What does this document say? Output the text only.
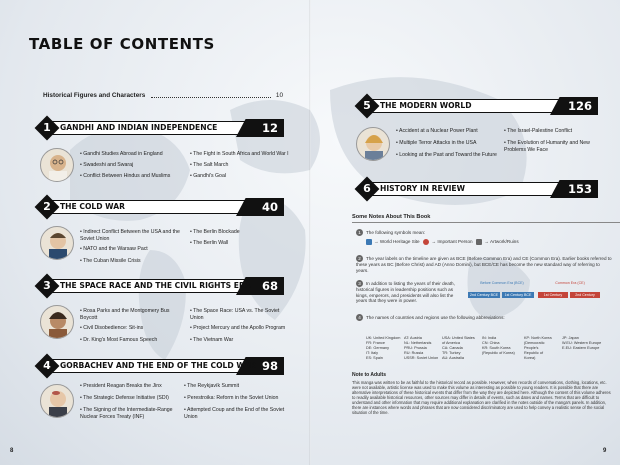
TABLE OF CONTENTS
Historical Figures and Characters	10
1	GANDHI AND INDIAN INDEPENDENCE	12
• Gandhi Studies Abroad in England
• Swadeshi and Swaraj
• Conflict Between Hindus and Muslims
• The Fight in South Africa and World War I
• The Salt March
• Gandhi's Goal
2	THE COLD WAR	40
• Indirect Conflict Between the USA and the Soviet Union
• NATO and the Warsaw Pact
• The Cuban Missile Crisis
• The Berlin Blockade
• The Berlin Wall
3	THE SPACE RACE AND THE CIVIL RIGHTS ERA 68
• Rosa Parks and the Montgomery Bus Boycott
• Civil Disobedience: Sit-ins
• Dr. King's Most Famous Speech
• The Space Race: USA vs. The Soviet Union
• Project Mercury and the Apollo Program
• The Vietnam War
4	GORBACHEV AND THE END OF THE COLD WAR 98
• President Reagan Breaks the Jinx
• The Strategic Defense Initiative (SDI)
• The Signing of the Intermediate-Range Nuclear Forces Treaty (INF)
• The Reykjavík Summit
• Perestroika: Reform in the Soviet Union
• Attempted Coup and the End of the Soviet Union
5	THE MODERN WORLD	126
• Accident at a Nuclear Power Plant
• Multiple Terror Attacks in the USA
• Looking at the Past and Toward the Future
• The Israel-Palestine Conflict
• The Evolution of Humanity and New Problems We Face
6	HISTORY IN REVIEW	153
Some Notes About This Book
1 The following symbols mean:
→ World Heritage Site	→ Important Person	→ Artwork/Ruins
2 The year labels on the timeline are given as BCE (Before Common Era) and CE (Common Era). Earlier books referred to these years as BC (Before Christ) and AD (Anno Domini), but BCE/CE has become the new standard way of referring to years.
3 In addition to listing the years of their death, historical figures in leadership positions such as kings, emperors, and presidents will also list the years that they were in power.
Before Common Era (BCE)	Common Era (CE)
2nd Century BCE	1st Century BCE	1st Century	2nd Century
4 The names of countries and regions use the following abbreviations:
UK: United Kingdom
FR: France
DE: Germany
IT: Italy
ES: Spain
AT: Austria
NL: Netherlands
PRU: Prussia
RU: Russia
USSR: Soviet Union
USA: United States
of America
CA: Canada
TR: Turkey
AU: Australia
IN: India
CN: China
KR: South Korea
(Republic of Korea)
KP: North Korea
(Democratic
People's
Republic of
Korea)
JP: Japan
W.EU: Western Europe
E.EU: Eastern Europe
Note to Adults
This manga was written to be as faithful to the historical record as possible. However, when records of conversations, clothing, locations, etc. were not available, artistic license was used to make this volume as interesting as possible to young readers. It is possible that there are alternative interpretations of these historical events that differ from the way they are depicted here. Although the content of this volume adheres to readily available historical resources, other sources may differ in details of events, such as dates and names. Terms that are difficult to understand and other information that may require additional explanation are clarified in the notes outside of the manga's panels. In addition, there are instances where words and phrases that are now considered discriminatory are used to help convey a realistic sense of the social situation of the time.
8	9
